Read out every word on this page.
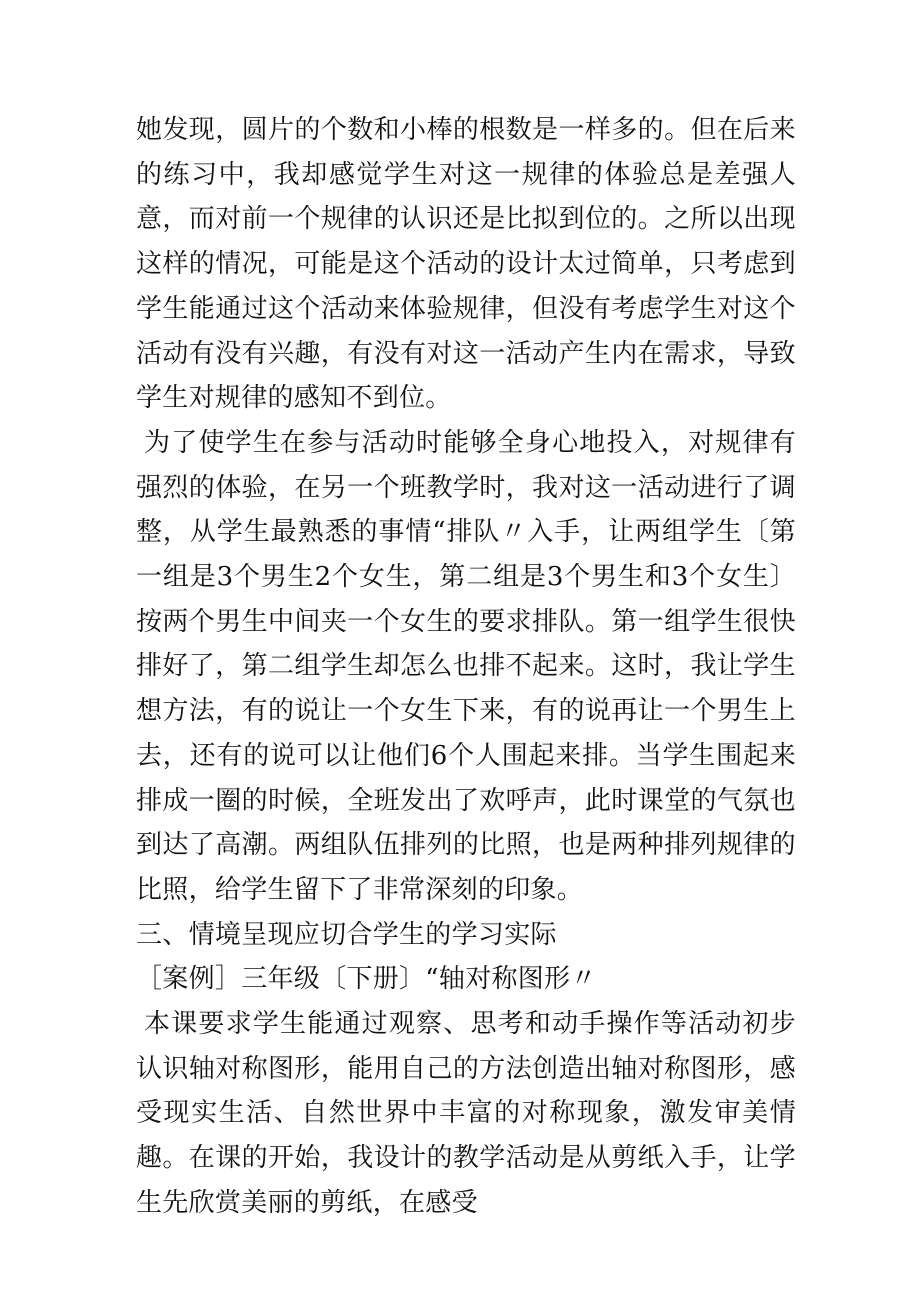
她发现，圆片的个数和小棒的根数是一样多的。但在后来的练习中，我却感觉学生对这一规律的体验总是差强人意，而对前一个规律的认识还是比拟到位的。之所以出现这样的情况，可能是这个活动的设计太过简单，只考虑到学生能通过这个活动来体验规律，但没有考虑学生对这个活动有没有兴趣，有没有对这一活动产生内在需求，导致学生对规律的感知不到位。

为了使学生在参与活动时能够全身心地投入，对规律有强烈的体验，在另一个班教学时，我对这一活动进行了调整，从学生最熟悉的事情“排队〃入手，让两组学生〔第一组是3个男生2个女生，第二组是3个男生和3个女生〕按两个男生中间夹一个女生的要求排队。第一组学生很快排好了，第二组学生却怎么也排不起来。这时，我让学生想方法，有的说让一个女生下来，有的说再让一个男生上去，还有的说可以让他们6个人围起来排。当学生围起来排成一圈的时候，全班发出了欢呼声，此时课堂的气氛也到达了高潮。两组队伍排列的比照，也是两种排列规律的比照，给学生留下了非常深刻的印象。

三、情境呈现应切合学生的学习实际

［案例］三年级〔下册〕“轴对称图形〃

本课要求学生能通过观察、思考和动手操作等活动初步认识轴对称图形，能用自己的方法创造出轴对称图形，感受现实生活、自然世界中丰富的对称现象，激发审美情趣。在课的开始，我设计的教学活动是从剪纸入手，让学生先欣赏美丽的剪纸，在感受
